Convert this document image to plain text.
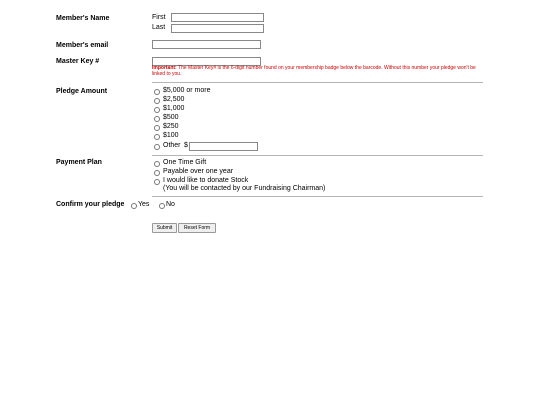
Member's Name	First
Last
Member's email
Master Key #
Important: The Master Key# is the 6-digit number found on your membership badge below the barcode. Without this number your pledge won't be linked to you.
Pledge Amount	$5,000 or more
$2,500
$1,000
$500
$250
$100
Other $
Payment Plan	One Time Gift
Payable over one year
I would like to donate Stock
(You will be contacted by our Fundraising Chairman)
Confirm your pledge Yes No
Submit	Reset Form
